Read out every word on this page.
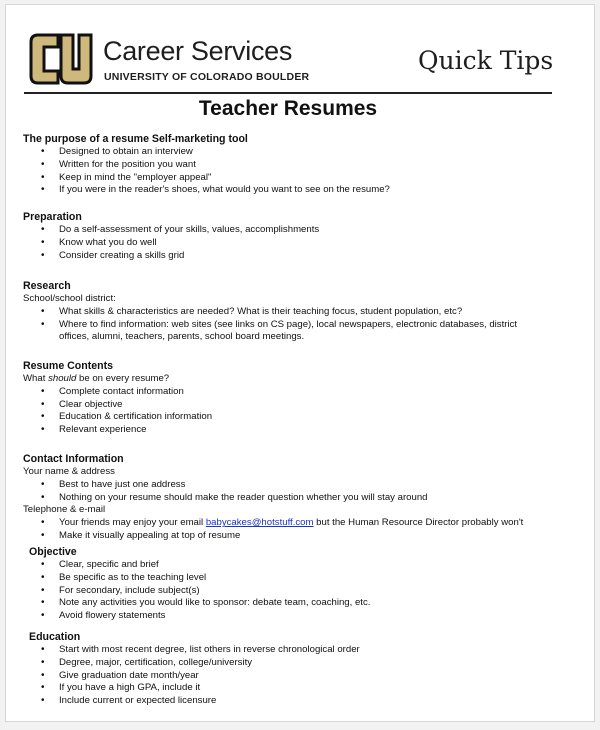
Career Services
UNIVERSITY OF COLORADO BOULDER
Quick Tips
Teacher Resumes
The purpose of a resume Self-marketing tool
• Designed to obtain an interview
• Written for the position you want
• Keep in mind the "employer appeal"
• If you were in the reader's shoes, what would you want to see on the resume?
Preparation
• Do a self-assessment of your skills, values, accomplishments
• Know what you do well
• Consider creating a skills grid
Research
School/school district:
• What skills & characteristics are needed? What is their teaching focus, student population, etc?
• Where to find information: web sites (see links on CS page), local newspapers, electronic databases, district
offices, alumni, teachers, parents, school board meetings.
Resume Contents
What should be on every resume?
• Complete contact information
• Clear objective
• Education & certification information
• Relevant experience
Contact Information
Your name & address
• Best to have just one address
• Nothing on your resume should make the reader question whether you will stay around
Telephone & e-mail
• Your friends may enjoy your email babycakes@hotstuff.com but the Human Resource Director probably won't
• Make it visually appealing at top of resume
Objective
• Clear, specific and brief
• Be specific as to the teaching level
• For secondary, include subject(s)
• Note any activities you would like to sponsor: debate team, coaching, etc.
• Avoid flowery statements
Education
• Start with most recent degree, list others in reverse chronological order
• Degree, major, certification, college/university
• Give graduation date month/year
• If you have a high GPA, include it
• Include current or expected licensure
